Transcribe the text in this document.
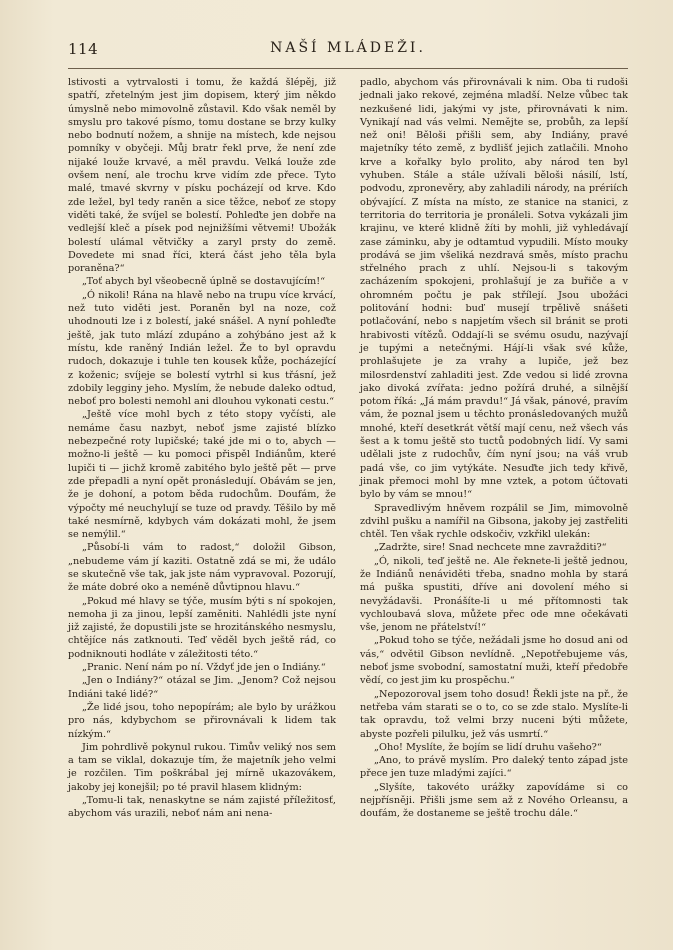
114	NAŠÍ MLÁDEŽI.

lstivosti a vytrvalosti i tomu, že každá šlépěj, již spatří, zřetelným jest jim dopisem, který jim někdo úmyslně nebo mimovolně zůstavil. Kdo však neměl by smyslu pro takové písmo, tomu dostane se brzy kulky nebo bodnutí nožem, a shnije na místech, kde nejsou pomníky v obyčeji. Můj bratr řekl prve, že není zde nijaké louže krvavé, a měl pravdu. Velká louže zde ovšem není, ale trochu krve vidím zde přece. Tyto malé, tmavé skvrny v písku pocházejí od krve. Kdo zde ležel, byl tedy raněn a sice těžce, neboť ze stopy viděti také, že svíjel se bolestí. Pohleďte jen dobře na vedlejší kleč a písek pod nejnižšími větvemi! Ubožák bolestí ulámal větvičky a zaryl prsty do země. Dovedete mi snad říci, která část jeho těla byla poraněna?“

„Toť abych byl všeobecně úplně se dostavujícím!“

„Ó nikoli! Rána na hlavě nebo na trupu více krvácí, než tuto viděti jest. Poraněn byl na noze, což uhodnouti lze i z bolestí, jaké snášel. A nyní pohleďte ještě, jak tuto mlází zdupáno a zohýbáno jest až k místu, kde raněný Indián ležel. Že to byl opravdu rudoch, dokazuje i tuhle ten kousek kůže, pocházející z koženic; svíjeje se bolestí vytrhl si kus třásní, jež zdobily legginy jeho. Myslím, že nebude daleko odtud, neboť pro bolesti nemohl ani dlouhou vykonati cestu.“

„Ještě více mohl bych z této stopy vyčísti, ale nemáme času nazbyt, neboť jsme zajisté blízko nebezpečné roty lupičské; také jde mi o to, abych — možno-li ještě — ku pomoci přispěl Indiánům, které lupiči ti — jichž kromě zabitého bylo ještě pět — prve zde přepadli a nyní opět pronásledují. Obávám se jen, že je dohoní, a potom běda rudochům. Doufám, že výpočty mé neuchylují se tuze od pravdy. Těšilo by mě také nesmírně, kdybych vám dokázati mohl, že jsem se nemýlil.“

„Působí-li vám to radost,“ doložil Gibson, „nebudeme vám jí kaziti. Ostatně zdá se mi, že událo se skutečně vše tak, jak jste nám vypravoval. Pozorují, že máte dobré oko a neméně důvtipnou hlavu.“

„Pokud mé hlavy se týče, musím býti s ní spokojen, nemoha ji za jinou, lepší zaměniti. Nahlédli jste nyní již zajisté, že dopustili jste se hrozitánského nesmyslu, chtějíce nás zatknouti. Teď věděl bych ještě rád, co podniknouti hodláte v záležitosti této.“

„Pranic. Není nám po ní. Vždyť jde jen o Indiány.“

„Jen o Indiány?“ otázal se Jim. „Jenom? Což nejsou Indiáni také lidé?“

„Že lidé jsou, toho nepopírám; ale bylo by urážkou pro nás, kdybychom se přirovnávali k lidem tak nízkým.“

Jim pohrdlivě pokynul rukou. Timův veliký nos sem a tam se viklal, dokazuje tím, že majetník jeho velmi je rozčilen. Tim poškrábal jej mírně ukazovákem, jakoby jej konejšil; po té pravil hlasem klidným:

„Tomu-li tak, nenaskytne se nám zajisté příležitosť, abychom vás urazili, neboť nám ani nena-

padlo, abychom vás přirovnávali k nim. Oba ti rudoši jednali jako rekové, zejména mladší. Nelze vůbec tak nezkušené lidi, jakými vy jste, přirovnávati k nim. Vynikají nad vás velmi. Nemějte se, probůh, za lepší než oni! Běloši přišli sem, aby Indiány, pravé majetníky této země, z bydlišť jejich zatlačili. Mnoho krve a kořalky bylo prolito, aby národ ten byl vyhuben. Stále a stále užívali běloši násilí, lstí, podvodu, zpronevěry, aby zahladili národy, na prériích obývající. Z místa na místo, ze stanice na stanici, z territoria do territoria je pronáleli. Sotva vykázali jim krajinu, ve které klidně žíti by mohli, již vyhledávají zase záminku, aby je odtamtud vypudili. Místo mouky prodává se jim všeliká nezdravá směs, místo prachu střelného prach z uhlí. Nejsou-li s takovým zacházením spokojeni, prohlašují je za buřiče a v ohromném počtu je pak střílejí. Jsou ubožáci politování hodni: buď musejí trpělivě snášeti potlačování, nebo s napjetím všech sil bránit se proti hrabivosti vítězů. Oddají-li se svému osudu, nazývají je tupými a netečnými. Hájí-li však své kůže, prohlašujete je za vrahy a lupiče, jež bez milosrdenství zahladiti jest. Zde vedou si lidé zrovna jako divoká zvířata: jedno požírá druhé, a silnější potom říká: „Já mám pravdu!“ Já však, pánové, pravím vám, že poznal jsem u těchto pronásledovaných mužů mnohé, kteří desetkrát větší mají cenu, než všech vás šest a k tomu ještě sto tuctů podobných lidí. Vy sami udělali jste z rudochův, čím nyní jsou; na váš vrub padá vše, co jim vytýkáte. Nesuďte jich tedy křivě, jinak přemoci mohl by mne vztek, a potom účtovati bylo by vám se mnou!“

Spravedlivým hněvem rozpálil se Jim, mimovolně zdvihl pušku a namířil na Gibsona, jakoby jej zastřeliti chtěl. Ten však rychle odskočiv, vzkřikl ulekán:

„Zadržte, sire! Snad nechcete mne zavražditi?“

„Ó, nikoli, teď ještě ne. Ale řeknete-li ještě jednou, že Indiánů nenáviděti třeba, snadno mohla by stará má puška spustiti, dříve ani dovolení mého si nevyžádavši. Pronášíte-li u mé přítomnosti tak vychloubavá slova, můžete přec ode mne očekávati vše, jenom ne přátelství!“

„Pokud toho se týče, nežádali jsme ho dosud ani od vás,“ odvětil Gibson nevlídně. „Nepotřebujeme vás, neboť jsme svobodní, samostatní muži, kteří předobře vědí, co jest jim ku prospěchu.“

„Nepozoroval jsem toho dosud! Řekli jste na př., že netřeba vám starati se o to, co se zde stalo. Myslíte-li tak opravdu, tož velmi brzy nuceni býti můžete, abyste pozřeli pilulku, jež vás usmrtí.“

„Oho! Myslíte, že bojím se lidí druhu vašeho?“

„Ano, to právě myslím. Pro daleký tento západ jste přece jen tuze mladými zajíci.“

„Slyšíte, takovéto urážky zapovídáme si co nejpřísněji. Přišli jsme sem až z Nového Orleansu, a doufám, že dostaneme se ještě trochu dále.“
